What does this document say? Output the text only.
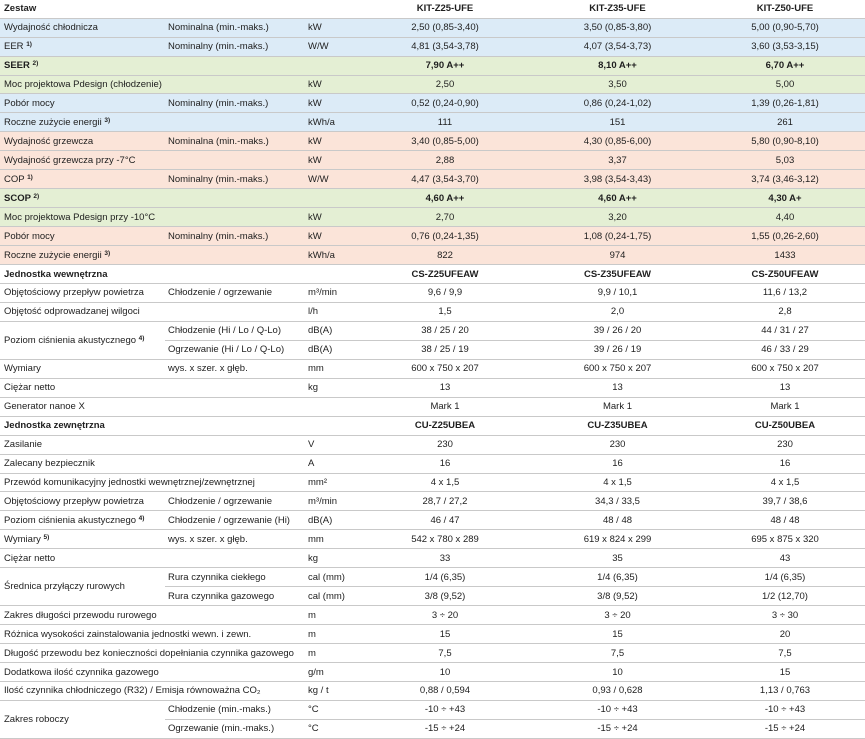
Zestaw			KIT-Z25-UFE	KIT-Z35-UFE	KIT-Z50-UFE
Wydajność chłodnicza	Nominalna (min.-maks.)	kW	2,50 (0,85-3,40)	3,50 (0,85-3,80)	5,00 (0,90-5,70)
EER $^{1)}$	Nominalny (min.-maks.)	W/W	4,81 (3,54-3,78)	4,07 (3,54-3,73)	3,60 (3,53-3,15)
SEER $^{2)}$			7,90 A++	8,10 A++	6,70 A++
Moc projektowa Pdesign (chłodzenie)		kW	2,50	3,50	5,00
Pobór mocy	Nominalny (min.-maks.)	kW	0,52 (0,24-0,90)	0,86 (0,24-1,02)	1,39 (0,26-1,81)
Roczne zużycie energii $^{3)}$		kWh/a	111	151	261
Wydajność grzewcza	Nominalna (min.-maks.)	kW	3,40 (0,85-5,00)	4,30 (0,85-6,00)	5,80 (0,90-8,10)
Wydajność grzewcza przy -7°C		kW	2,88	3,37	5,03
COP $^{1)}$	Nominalny (min.-maks.)	W/W	4,47 (3,54-3,70)	3,98 (3,54-3,43)	3,74 (3,46-3,12)
SCOP $^{2)}$			4,60 A++	4,60 A++	4,30 A+
Moc projektowa Pdesign przy -10°C		kW	2,70	3,20	4,40
Pobór mocy	Nominalny (min.-maks.)	kW	0,76 (0,24-1,35)	1,08 (0,24-1,75)	1,55 (0,26-2,60)
Roczne zużycie energii $^{3)}$		kWh/a	822	974	1433
Jednostka wewnętrzna			CS-Z25UFEAW	CS-Z35UFEAW	CS-Z50UFEAW
Objętościowy przepływ powietrza	Chłodzenie / ogrzewanie	m³/min	9,6 / 9,9	9,9 / 10,1	11,6 / 13,2
Objętość odprowadzanej wilgoci		l/h	1,5	2,0	2,8
Poziom ciśnienia akustycznego $^{4)}$	Chłodzenie (Hi / Lo / Q-Lo)	dB(A)	38 / 25 / 20	39 / 26 / 20	44 / 31 / 27
	Ogrzewanie (Hi / Lo / Q-Lo)	dB(A)	38 / 25 / 19	39 / 26 / 19	46 / 33 / 29
Wymiary	wys. x szer. x głęb.	mm	600 x 750 x 207	600 x 750 x 207	600 x 750 x 207
Ciężar netto		kg	13	13	13
Generator nanoe X			Mark 1	Mark 1	Mark 1
Jednostka zewnętrzna			CU-Z25UBEA	CU-Z35UBEA	CU-Z50UBEA
Zasilanie		V	230	230	230
Zalecany bezpiecznik		A	16	16	16
Przewód komunikacyjny jednostki wewnętrznej/zewnętrznej		mm²	4 x 1,5	4 x 1,5	4 x 1,5
Objętościowy przepływ powietrza	Chłodzenie / ogrzewanie	m³/min	28,7 / 27,2	34,3 / 33,5	39,7 / 38,6
Poziom ciśnienia akustycznego $^{4)}$	Chłodzenie / ogrzewanie (Hi)	dB(A)	46 / 47	48 / 48	48 / 48
Wymiary $^{5)}$	wys. x szer. x głęb.	mm	542 x 780 x 289	619 x 824 x 299	695 x 875 x 320
Ciężar netto		kg	33	35	43
Średnica przyłączy rurowych	Rura czynnika ciekłego	cal (mm)	1/4 (6,35)	1/4 (6,35)	1/4 (6,35)
	Rura czynnika gazowego	cal (mm)	3/8 (9,52)	3/8 (9,52)	1/2 (12,70)
Zakres długości przewodu rurowego		m	3 ÷ 20	3 ÷ 20	3 ÷ 30
Różnica wysokości zainstalowania jednostki wewn. i zewn.		m	15	15	20
Długość przewodu bez konieczności dopełniania czynnika gazowego		m	7,5	7,5	7,5
Dodatkowa ilość czynnika gazowego		g/m	10	10	15
Ilość czynnika chłodniczego (R32) / Emisja równoważna CO₂		kg / t	0,88 / 0,594	0,93 / 0,628	1,13 / 0,763
Zakres roboczy	Chłodzenie (min.-maks.)	°C	-10 ÷ +43	-10 ÷ +43	-10 ÷ +43
	Ogrzewanie (min.-maks.)	°C	-15 ÷ +24	-15 ÷ +24	-15 ÷ +24
